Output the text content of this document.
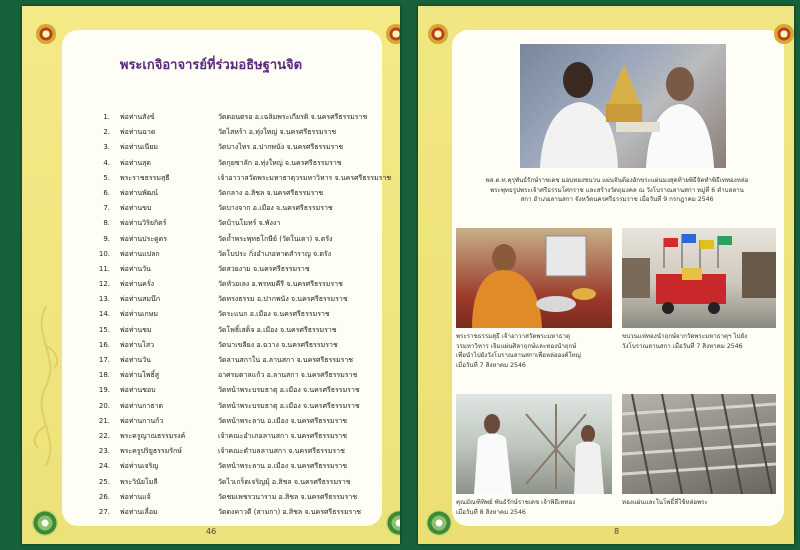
พระเกจิอาจารย์ที่ร่วมอธิษฐานจิต
1. พ่อท่านสังข์	วัดดอนตรอ อ.เฉลิมพระเกียรติ จ.นครศรีธรรมราช
2. พ่อท่านฉาด	วัดไสหร้า อ.ทุ่งใหญ่ จ.นครศรีธรรมราช
3. พ่อท่านเนียม	วัดบางไทร อ.ปากพนัง จ.นครศรีธรรมราช
4. พ่อท่านสุด	วัดกุยซาลัก อ.ทุ่งใหญ่ จ.นครศรีธรรมราช
5. พระราชธรรมสุธี	เจ้าอาวาสวัดพระมหาธาตุวรมหาวิหาร จ.นครศรีธรรมราช
6. พ่อท่านพัฒน์	วัดกลาง อ.สิชล จ.นครศรีธรรมราช
7. พ่อท่านขบ	วัดบางจาก อ.เมือง จ.นครศรีธรรมราช
8. พ่อท่านวิริยกิตร์	วัดบ้านโมทร์ จ.พังงา
9. พ่อท่านประดูตร	วัดถ้ำพระพุทธโกษีย์ (วัดในเตา) จ.ตรัง
10. พ่อท่านแปลก	วัดโบประ กิ่งอำเภอหาดสำราญ จ.ตรัง
11. พ่อท่านวัน	วัดสวยงาม จ.นครศรีธรรมราช
12. พ่อท่านครั่ง	วัดหัวอเลง อ.พรหมคีรี จ.นครศรีธรรมราช
13. พ่อท่านสมนึก	วัดทรงธรรม อ.ปากพนัง จ.นครศรีธรรมราช
14. พ่อท่านเกษม	วัดระแนก อ.เมือง จ.นครศรีธรรมราช
15. พ่อท่านชม	วัดโพธิ์เสด็จ อ.เมือง จ.นครศรีธรรมราช
16. พ่อท่านโสว	วัดนาเขลียง อ.ฉวาง จ.นครศรีธรรมราช
17. พ่อท่านวัน	วัดลานสกาใน อ.ลานสกา จ.นครศรีธรรมราช
18. พ่อท่านโพธิ์สู	อาศรมตาลแก้ว อ.ลานสกา จ.นครศรีธรรมราช
19. พ่อท่านชอบ	วัดหน้าพระบรมธาตุ อ.เมือง จ.นครศรีธรรมราช
20. พ่อท่านกาธาต	วัดหน้าพระบรมธาตุ อ.เมือง จ.นครศรีธรรมราช
21. พ่อท่านกานก้ว	วัดหน้าพระลาน อ.เมือง จ.นครศรีธรรมราช
22. พระครูญาณธรรมรงค์	เจ้าคณะอำเภอลานสกา จ.นครศรีธรรมราช
23. พระครูปริยูธรรมรักษ์	เจ้าคณะตำบลลานสกา จ.นครศรีธรรมราช
24. พ่อท่านเจริญ	วัดหน้าพระลาน อ.เมือง จ.นครศรีธรรมราช
25. พระวินัยโมลี	วัดไวเกร็ดเจริญมุ้ อ.สิชล จ.นครศรีธรรมราช
26. พ่อท่านแจ้	วัดชมเพชรวนาราม อ.สิชล จ.นครศรีธรรมราช
27. พ่อท่านเลื่อม	วัดดงคาวดี (สามกา) อ.สิชล จ.นครศรีธรรมราช
46
พล.ต.ท.คุรุพันธ์รักษ์ราชเดช มอบทองชนวน แผ่นจันต้องอักขระแผ่นมงสุดท้ายพิธีจัดทำพิธีเททองหล่อ
พระพุทธรูปพระเจ้าศรีธรรมโศกราช และสร้างวัตถุมงคล ณ วังโบราณลานสกา หมู่ที่ 6 ตำบลลาน
สกา อำเภอลานสกา จังหวัดนครศรีธรรมราช เมื่อวันที่ 9 กรกฎาคม 2546
พระราชธรรมสุธี เจ้าอาวาสวัดพระมหาธาตุ
วรมหาวิหาร เจิมแผ่นศิลาฤกษ์และทองนำฤกษ์
เพื่อนำไปยังวังโบราณลานสกาเพื่อหล่อองค์ใหญ่
เมื่อวันที่ 7 สิงหาคม 2546
ขบวนแห่ทองนำฤกษ์จากวัดพระมหาธาตุฯ ไปยัง
วังโบราณลานสกา เมื่อวันที่ 7 สิงหาคม 2546
คุณมัณฑิทิพย์ พันธ์รักษ์ราชเดช เจ้าพิธีเททอง
เมื่อวันที่ 8 สิงหาคม 2546
ทองแผ่นและในโพธิ์ที่ใช้หล่อพระ
8
